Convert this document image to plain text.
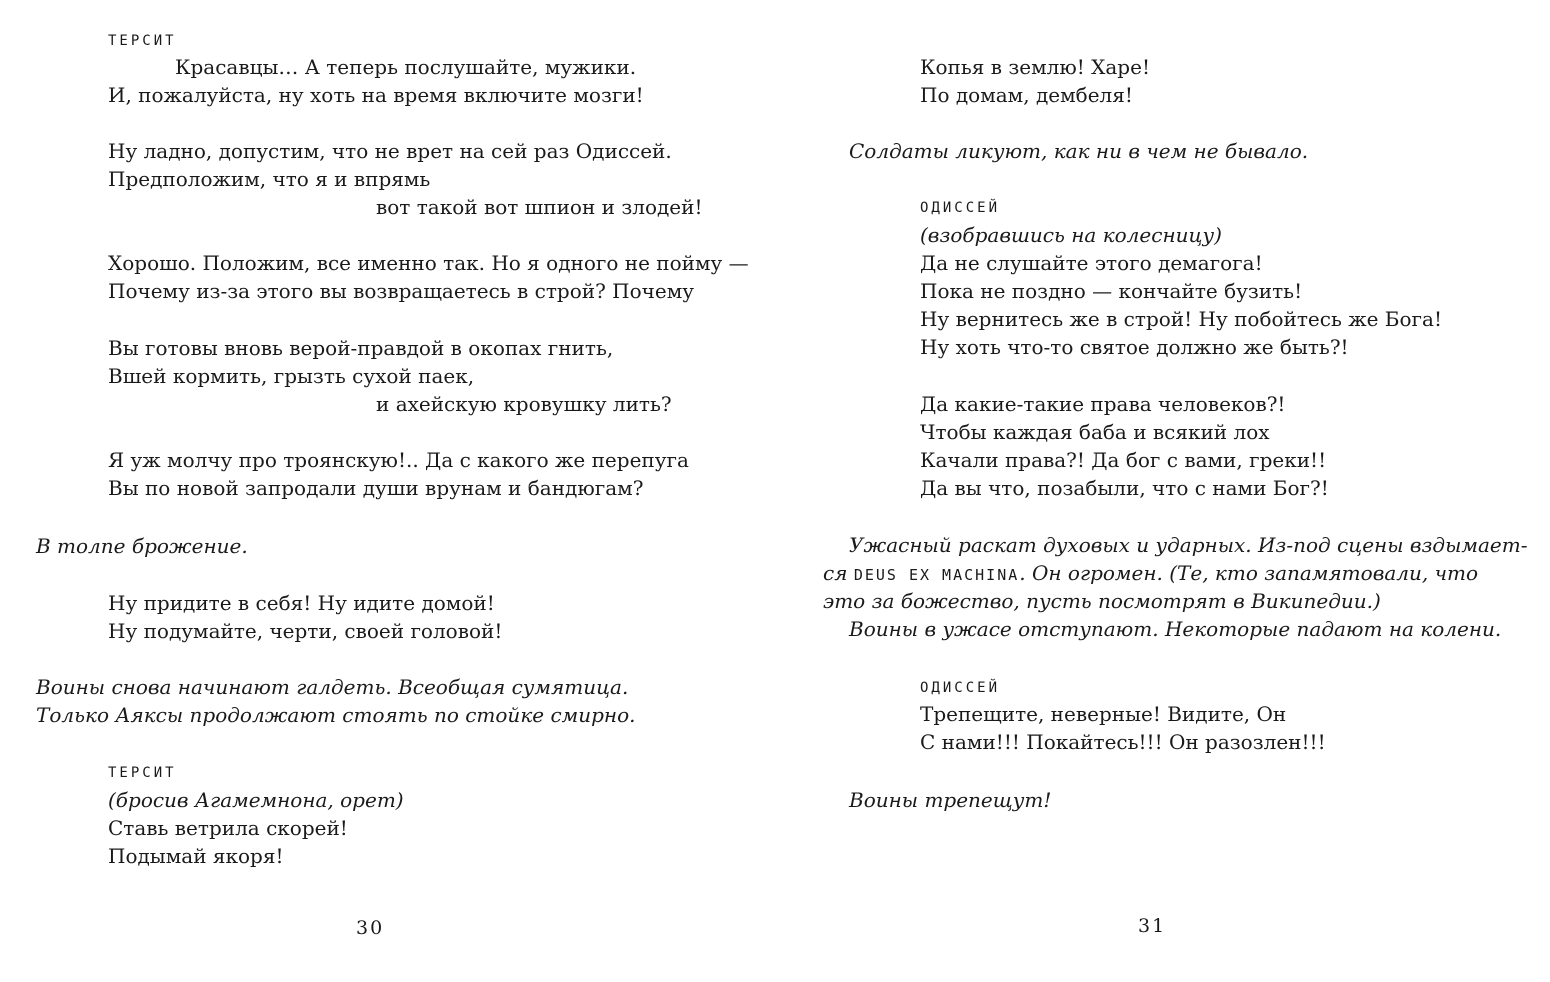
ТЕРСИТ
Красавцы… А теперь послушайте, мужики.
И, пожалуйста, ну хоть на время включите мозги!
Ну ладно, допустим, что не врет на сей раз Одиссей.
Предположим, что я и впрямь
вот такой вот шпион и злодей!
Хорошо. Положим, все именно так. Но я одного не пойму —
Почему из-за этого вы возвращаетесь в строй? Почему
Вы готовы вновь верой-правдой в окопах гнить,
Вшей кормить, грызть сухой паек,
и ахейскую кровушку лить?
Я уж молчу про троянскую!.. Да с какого же перепуга
Вы по новой запродали души врунам и бандюгам?
В толпе брожение.
Ну придите в себя! Ну идите домой!
Ну подумайте, черти, своей головой!
Воины снова начинают галдеть. Всеобщая сумятица.
Только Аяксы продолжают стоять по стойке смирно.
ТЕРСИТ
(бросив Агамемнона, орет)
Ставь ветрила скорей!
Подымай якоря!
30
Копья в землю! Харе!
По домам, дембеля!
Солдаты ликуют, как ни в чем не бывало.
ОДИССЕЙ
(взобравшись на колесницу)
Да не слушайте этого демагога!
Пока не поздно — кончайте бузить!
Ну вернитесь же в строй! Ну побойтесь же Бога!
Ну хоть что-то святое должно же быть?!
Да какие-такие права человеков?!
Чтобы каждая баба и всякий лох
Качали права?! Да бог с вами, греки!!
Да вы что, позабыли, что с нами Бог?!
Ужасный раскат духовых и ударных. Из-под сцены вздымает-
ся DEUS EX MACHINA. Он огромен. (Те, кто запамятовали, что
это за божество, пусть посмотрят в Википедии.)
Воины в ужасе отступают. Некоторые падают на колени.
ОДИССЕЙ
Трепещите, неверные! Видите, Он
С нами!!! Покайтесь!!! Он разозлен!!!
Воины трепещут!
31
